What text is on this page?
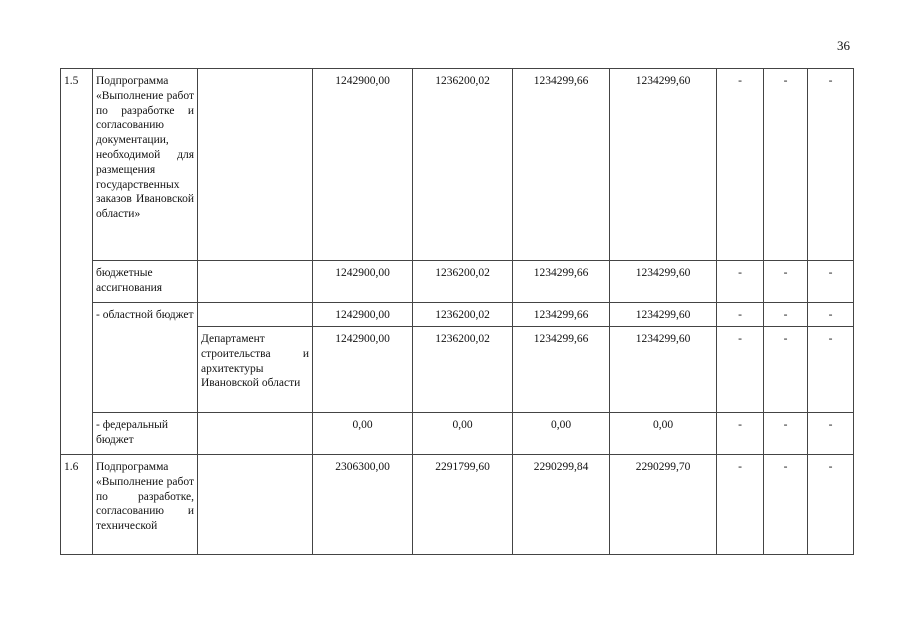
36
1.5	Подпрограмма «Выполнение работ по разработке и согласованию документации, необходимой для размещения государственных заказов Ивановской области»		1242900,00	1236200,02	1234299,66	1234299,60	-	-	-
	бюджетные ассигнования		1242900,00	1236200,02	1234299,66	1234299,60	-	-	-
	- областной бюджет		1242900,00	1236200,02	1234299,66	1234299,60	-	-	-
		Департамент строительства и архитектуры Ивановской области	1242900,00	1236200,02	1234299,66	1234299,60	-	-	-
	- федеральный бюджет		0,00	0,00	0,00	0,00	-	-	-
1.6	Подпрограмма «Выполнение работ по разработке, согласованию и технической		2306300,00	2291799,60	2290299,84	2290299,70	-	-	-
